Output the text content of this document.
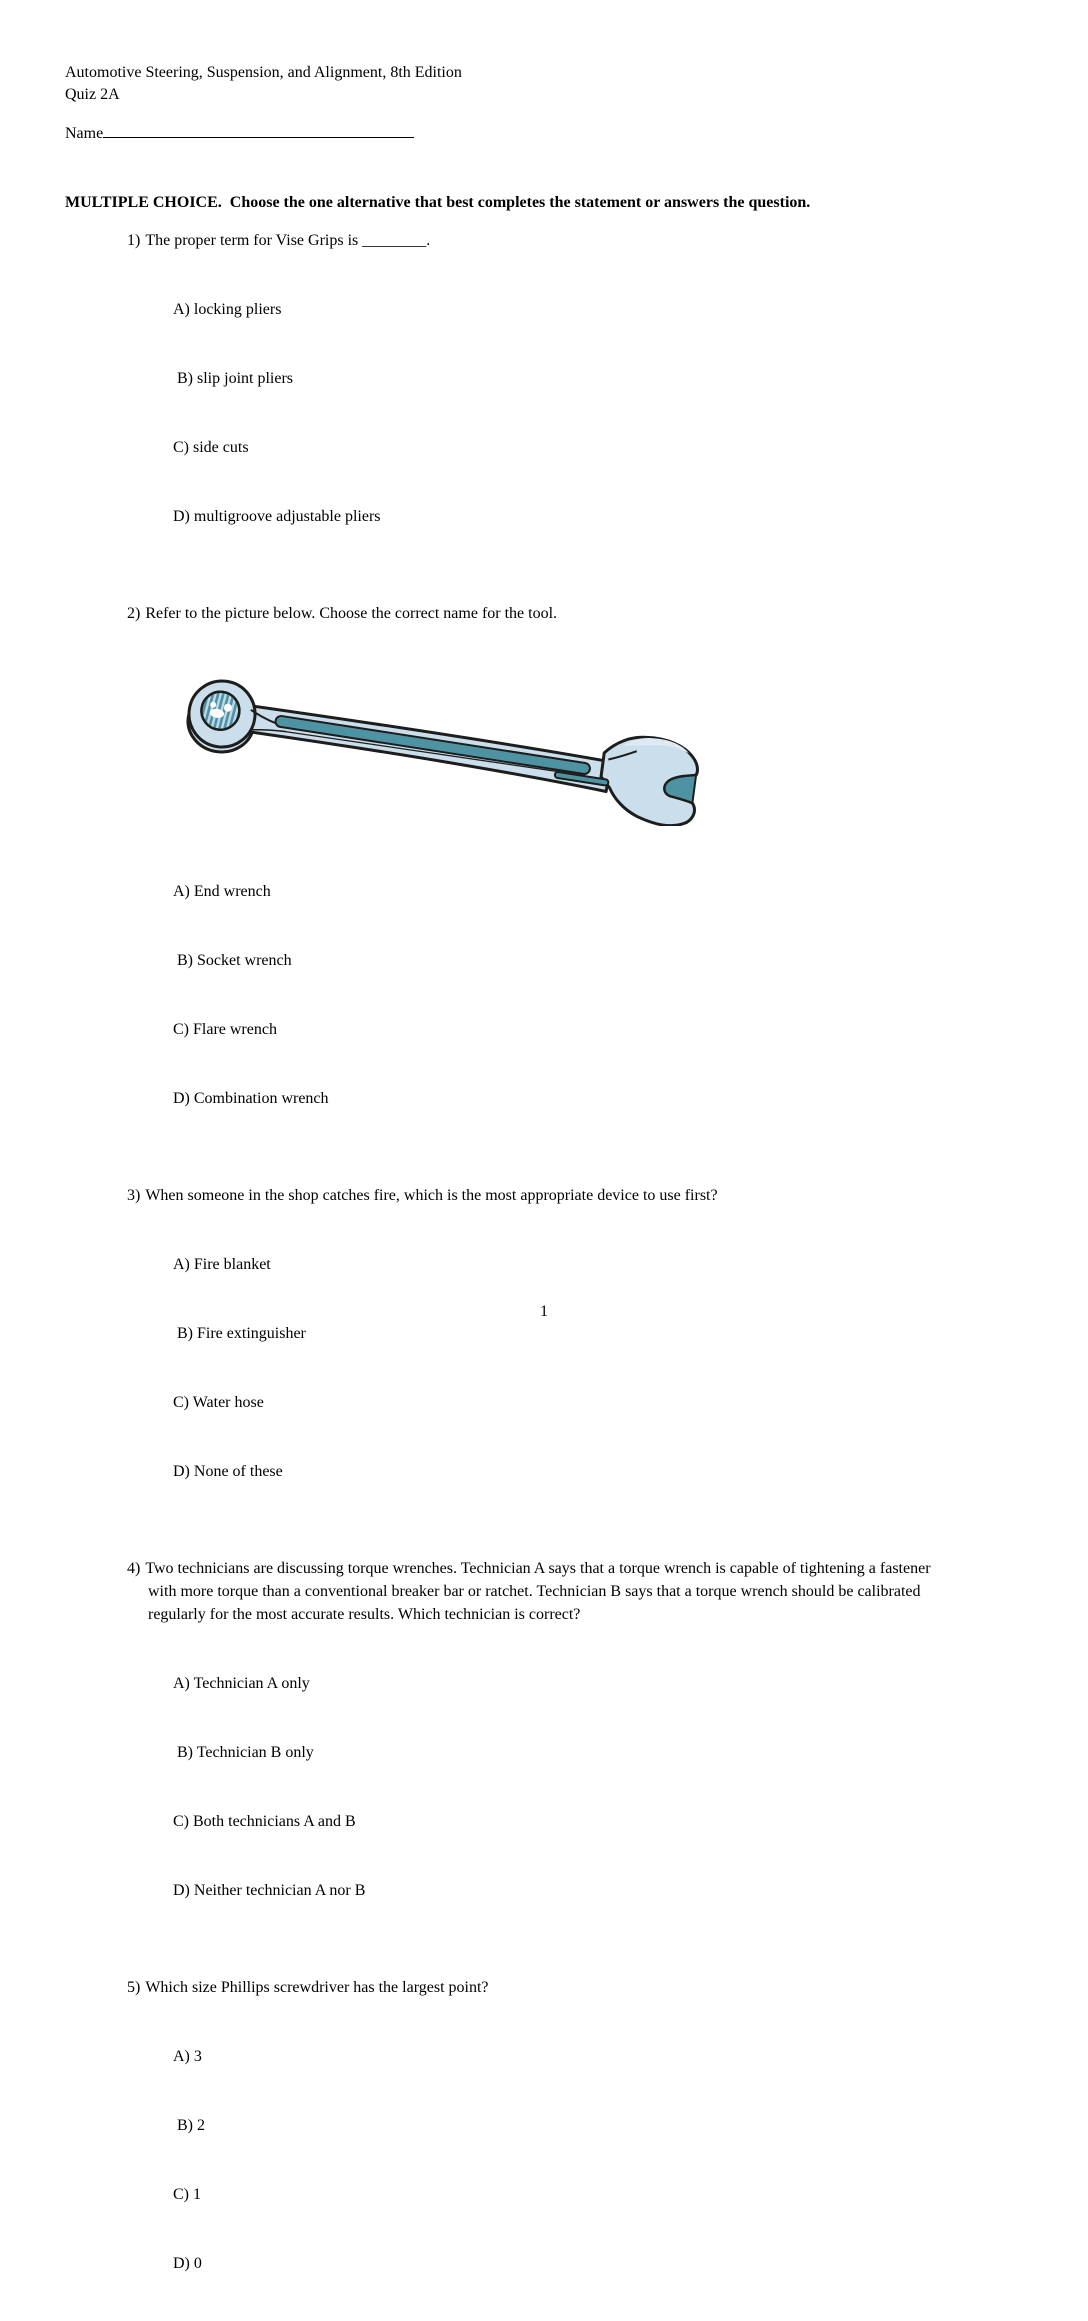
Automotive Steering, Suspension, and Alignment, 8th Edition
Quiz 2A
Name
MULTIPLE CHOICE.  Choose the one alternative that best completes the statement or answers the question.
1) The proper term for Vise Grips is ________.

A) locking pliers

B) slip joint pliers

C) side cuts

D) multigroove adjustable pliers

2) Refer to the picture below. Choose the correct name for the tool.

A) End wrench

B) Socket wrench

C) Flare wrench

D) Combination wrench

3) When someone in the shop catches fire, which is the most appropriate device to use first?

A) Fire blanket

B) Fire extinguisher

C) Water hose

D) None of these

4) Two technicians are discussing torque wrenches. Technician A says that a torque wrench is capable of tightening a fastener with more torque than a conventional breaker bar or ratchet. Technician B says that a torque wrench should be calibrated regularly for the most accurate results. Which technician is correct?

A) Technician A only

B) Technician B only

C) Both technicians A and B

D) Neither technician A nor B

5) Which size Phillips screwdriver has the largest point?

A) 3

B) 2

C) 1

D) 0

1
